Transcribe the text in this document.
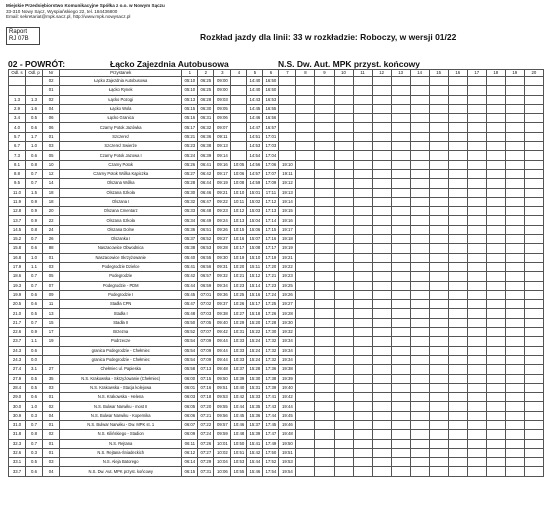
Miejskie Przedsiębiorstwo Komunikacyjne Spółka z o.o. w Nowym Sączu
33-310 Nowy Sącz, Wyspiańskiego 22, tel. 184436800
Email: sekretariat@mpk.sacz.pl, http://www.mpk.nowysacz.pl
Raport
RJ 07B	Rozkład jazdy dla linii: 33 w rozkładzie: Roboczy, w wersji 01/22
02 - POWRÓT:	Łącko Zajezdnia Autobusowa	N.S. Dw. Aut. MPK przyst. końcowy
Odl. s	Odl. p	Nr	Przystanek	1	2	3	4	5	6	7	8	9	10	11	12	13	14	15	16	17	18	19	20
		02	Łącko Zajezdnia Autobusowa	05:10	06:25	09:00		14:40	16:50														
		01	Łącko Rynek	05:10	06:25	09:00		14:40	16:50														
1.3	1.3	02	Łącko Pozogi	05:13	06:28	09:03		14:43	16:53														
2.9	1.6	04	Łącko Wola	05:15	06:30	09:05		14:45	16:55														
3.4	0.5	06	Łącko Granica	05:16	06:31	09:06		14:46	16:56														
4.0	0.6	06	Czarny Potok Jazówka	05:17	06:32	09:07		14:47	16:57														
5.7	1.7	01	Szczereż	05:21	06:36	09:11		14:51	17:01														
6.7	1.0	03	Szczereż Swierże	05:23	06:38	09:13		14:53	17:03														
7.3	0.6	05	Czarny Potok Jazowa I	05:24	06:39	09:14		14:54	17:04														
8.1	0.8	10	Czarny Potok	05:26	06:41	09:16	10:05	14:56	17:06	19:10													
8.8	0.7	12	Czarny Potok Wólka Kąpiczka	05:27	06:42	09:17	10:06	14:57	17:07	19:11													
9.5	0.7	14	Olszana Wólka	05:28	06:44	09:19	10:08	14:59	17:09	19:12													
11.0	1.5	18	Olszana Szkoła	05:30	06:46	09:21	10:10	15:01	17:11	19:13													
11.9	0.9	18	Olszana I	05:32	06:47	09:22	10:11	15:02	17:12	19:14													
12.8	0.9	20	Olszana Cmentarz	05:33	06:48	09:23	10:12	15:03	17:13	19:15													
13.7	0.9	22	Olszana Szkoła	05:34	06:49	09:24	10:13	15:04	17:14	19:16													
14.5	0.8	24	Olszana Dolne	05:36	06:51	09:26	10:15	15:06	17:15	19:17													
15.2	0.7	26	Olszanka I	05:37	06:52	09:27	10:16	15:07	17:16	19:18													
15.8	0.6	88	Naszacowice Obwodnica	05:38	06:53	09:28	10:17	15:08	17:17	19:19													
16.8	1.0	01	Naszacowice Skrzyżowanie	05:40	06:55	09:30	10:19	15:10	17:19	19:21													
17.9	1.1	03	Podegrodzie Dzielce	05:41	06:56	09:31	10:20	15:11	17:20	19:22													
18.6	0.7	05	Podegrodzie	05:42	06:57	09:32	10:21	15:12	17:21	19:23													
19.3	0.7	07	Podegrodzie - PDM	05:44	06:59	09:34	10:23	15:14	17:23	19:25													
19.9	0.6	09	Podegrodzie I	05:45	07:01	09:36	10:25	15:16	17:24	19:26													
20.5	0.6	11	Stadła CPN	05:47	07:02	09:37	10:26	15:17	17:25	19:27													
21.0	0.5	13	Stadła I	05:48	07:03	09:38	10:27	15:18	17:26	19:28													
21.7	0.7	15	Stadła II	05:50	07:05	09:40	10:29	15:20	17:28	19:30													
22.6	0.9	17	Brzezna	05:52	07:07	09:42	10:31	15:22	17:30	19:32													
23.7	1.1	19	Podrzecze	05:54	07:09	09:44	10:33	15:24	17:32	19:34													
24.3	0.6		granica Podegrodzie - Chełmiec	05:54	07:09	09:44	10:33	15:24	17:32	19:34													
24.3	0.0		granica Podegrodzie - Chełmiec	05:54	07:09	09:44	10:33	15:24	17:32	19:34													
27.4	3.1	27	Chełmiec ul. Papieska	05:58	07:13	09:48	10:37	15:28	17:36	19:38													
27.9	0.5	35	N.S. Krakowska - Skrzyżowanie (Chełmiec)	06:00	07:15	09:50	10:39	15:30	17:38	19:39													
28.4	0.5	03	N.S. Krakowska - Stacja kolejowa	06:01	07:16	09:51	10:40	15:31	17:39	19:40													
29.0	0.6	01	N.S. Krakowska - Helena	06:03	07:18	09:53	10:42	15:33	17:41	19:42													
30.0	1.0	02	N.S. Bulwar Narwiku - most II	06:05	07:20	09:55	10:44	15:35	17:43	19:44													
30.9	0.3	04	N.S. Bulwar Narwiku - Kopernika	06:06	07:21	09:56	10:45	15:36	17:44	19:45													
31.0	0.7	01	N.S. Bulwar Narwiku - Dw. MPK st. 1	06:07	07:22	09:57	10:46	15:37	17:45	19:46													
31.8	0.8	02	N.S. Kilińskiego - Stadion	06:09	07:24	09:59	10:48	15:39	17:47	19:48													
32.3	0.7	01	N.S. Rejtana	06:11	07:26	10:01	10:50	15:41	17:49	19:50													
32.6	0.3	01	N.S. Rejtana-Śniadeckich	06:12	07:27	10:02	10:51	15:42	17:50	19:51													
33.1	0.5	03	N.S. Aleja Batorego	06:14	07:29	10:04	10:53	15:44	17:52	19:53													
33.7	0.6	04	N.S. Dw. Aut. MPK przyst. końcowy	06:15	07:31	10:06	10:55	15:46	17:54	19:54													
